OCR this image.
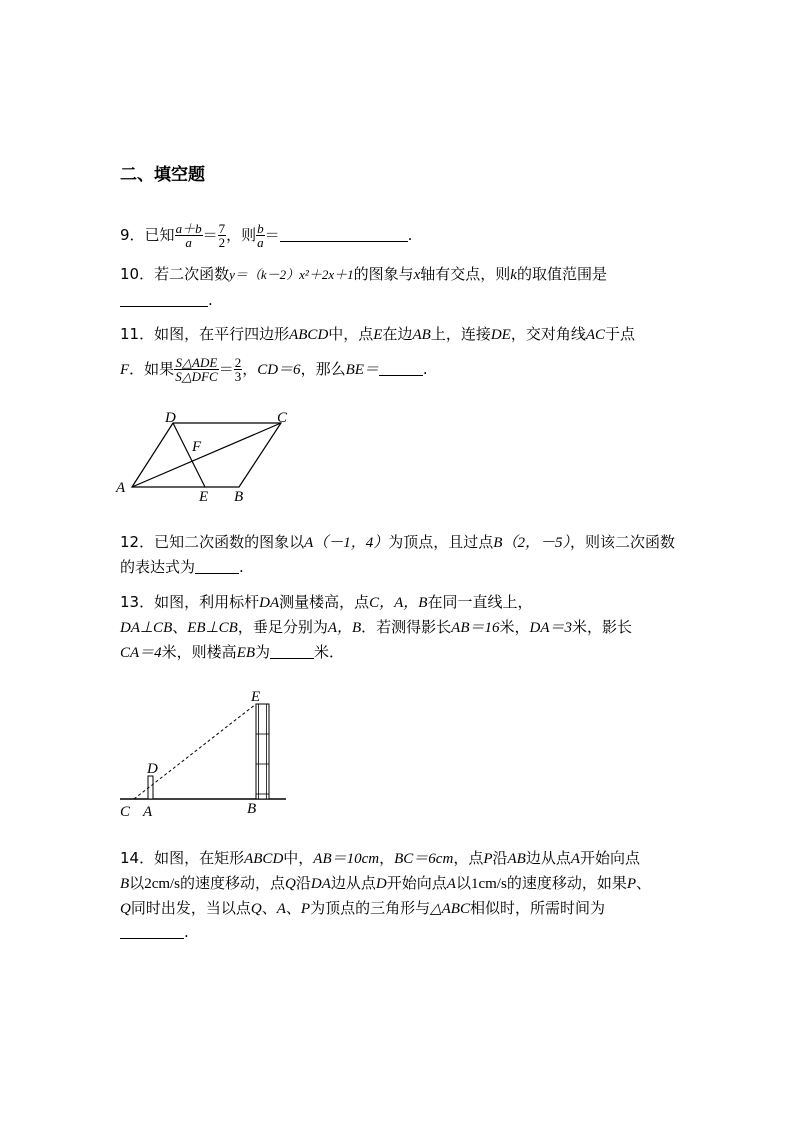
二、填空题
9．已知 $\frac{a+b}{a} = \frac{7}{2}$ ，则 $\frac{b}{a}$ ＝	.
10．若二次函数y＝（k－2）x²＋2x＋1的图象与x轴有交点，则k的取值范围是
.
11．如图，在平行四边形ABCD中，点E在边AB上，连接DE，交对角线AC于点
F．如果 $\frac{\text{S△ADE}}{\text{S△DFC}} = \frac{2}{3}$ ，CD＝6，那么BE＝	.
A
B
C
D
E
F
12．已知二次函数的图象以A（－1，4）为顶点，且过点B（2，－5），则该二次函数
的表达式为	.
13．如图，利用标杆DA测量楼高，点C，A，B在同一直线上，
DA⊥CB、EB⊥CB，垂足分别为A，B．若测得影长AB＝16米，DA＝3米，影长
CA＝4米，则楼高EB为	米．
C A	B
D
E
14．如图，在矩形ABCD中，AB＝10cm，BC＝6cm，点P沿AB边从点A开始向点
B以2cm/s的速度移动，点Q沿DA边从点D开始向点A以1cm/s的速度移动，如果P、
Q同时出发，当以点Q、A、P为顶点的三角形与△ABC相似时，所需时间为
.
